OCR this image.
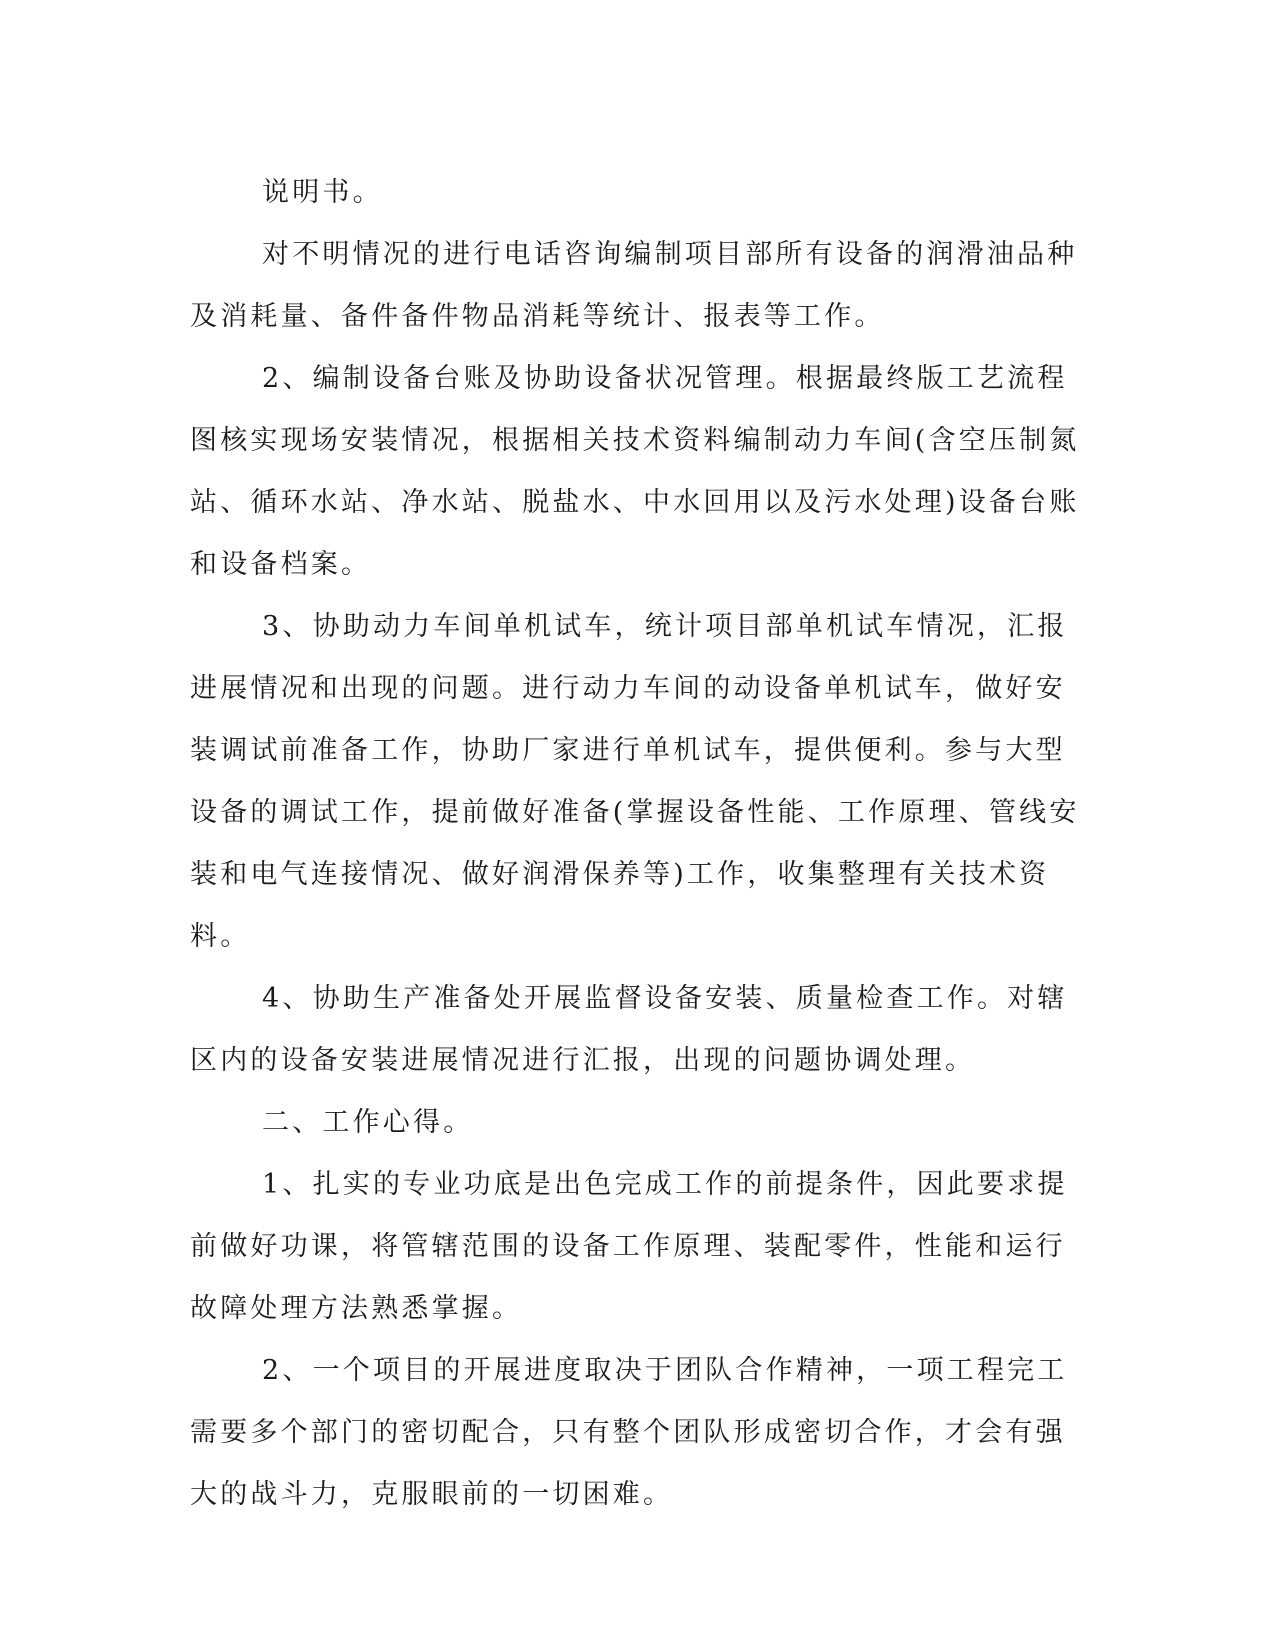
说明书。

对不明情况的进行电话咨询编制项目部所有设备的润滑油品种及消耗量、备件备件物品消耗等统计、报表等工作。

2、编制设备台账及协助设备状况管理。根据最终版工艺流程图核实现场安装情况，根据相关技术资料编制动力车间(含空压制氮站、循环水站、净水站、脱盐水、中水回用以及污水处理)设备台账和设备档案。

3、协助动力车间单机试车，统计项目部单机试车情况，汇报进展情况和出现的问题。进行动力车间的动设备单机试车，做好安装调试前准备工作，协助厂家进行单机试车，提供便利。参与大型设备的调试工作，提前做好准备(掌握设备性能、工作原理、管线安装和电气连接情况、做好润滑保养等)工作，收集整理有关技术资料。

4、协助生产准备处开展监督设备安装、质量检查工作。对辖区内的设备安装进展情况进行汇报，出现的问题协调处理。

二、工作心得。

1、扎实的专业功底是出色完成工作的前提条件，因此要求提前做好功课，将管辖范围的设备工作原理、装配零件，性能和运行故障处理方法熟悉掌握。

2、一个项目的开展进度取决于团队合作精神，一项工程完工需要多个部门的密切配合，只有整个团队形成密切合作，才会有强大的战斗力，克服眼前的一切困难。
